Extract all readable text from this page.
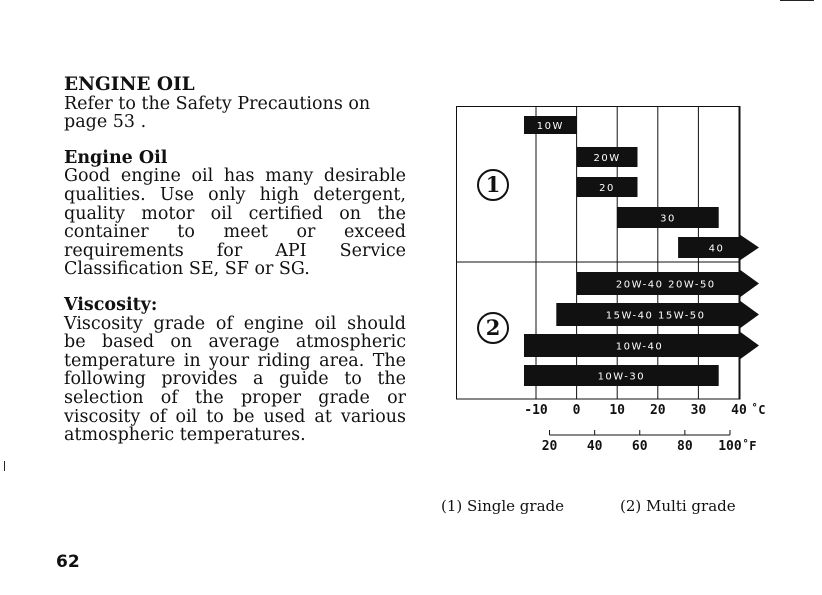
ENGINE OIL
Refer to the Safety Precautions on page 53 .
Engine Oil
Good engine oil has many desirable qualities. Use only high detergent, quality motor oil certified on the container to meet or exceed requirements for API Service Classification SE, SF or SG.
Viscosity:
Viscosity grade of engine oil should be based on average atmospheric temperature in your riding area. The following provides a guide to the selection of the proper grade or viscosity of oil to be used at various atmospheric temperatures.
1
10W
20W
20
30
40
2
20W-40 20W-50
15W-40 15W-50
10W-40
10W-30
-10 0 10 20 30 40 ˚C
20 40 60 80 100 ˚F
(1) Single grade	(2) Multi grade
62
